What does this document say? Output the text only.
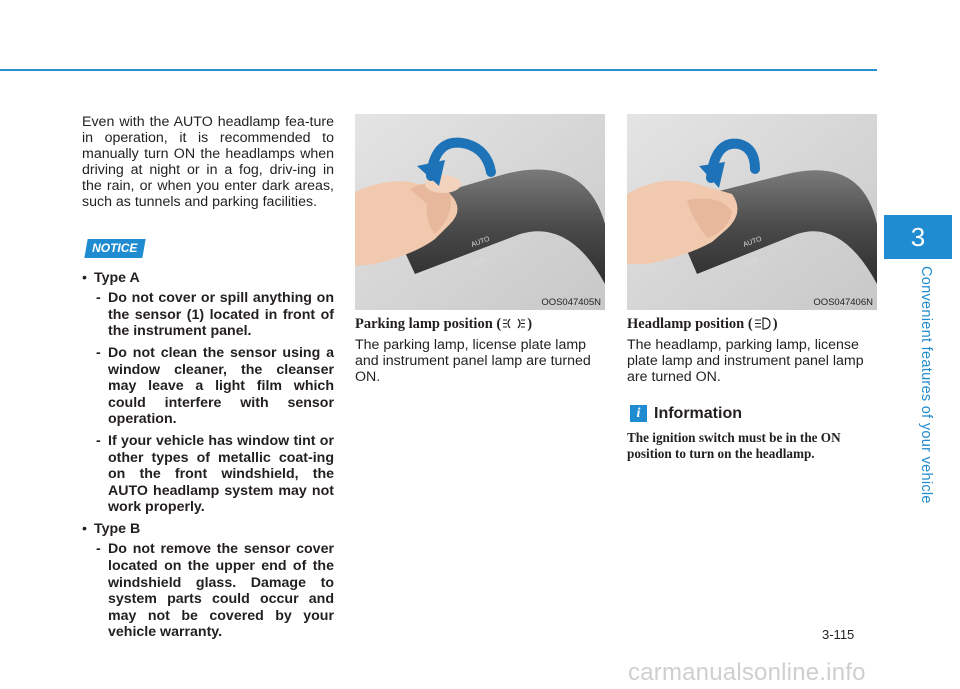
3
Convenient features of your vehicle

Even with the AUTO headlamp fea-ture in operation, it is recommended to manually turn ON the headlamps when driving at night or in a fog, driv-ing in the rain, or when you enter dark areas, such as tunnels and parking facilities.

NOTICE
• Type A
- Do not cover or spill anything on the sensor (1) located in front of the instrument panel.
- Do not clean the sensor using a window cleaner, the cleanser may leave a light film which could interfere with sensor operation.
- If your vehicle has window tint or other types of metallic coat-ing on the front windshield, the AUTO headlamp system may not work properly.
• Type B
- Do not remove the sensor cover located on the upper end of the windshield glass. Damage to system parts could occur and may not be covered by your vehicle warranty.
AUTO
OFF
OOS047405N
AUTO
OFF
OOS047406N
Parking lamp position ( )
The parking lamp, license plate lamp and instrument panel lamp are turned ON.
Headlamp position ( )
The headlamp, parking lamp, license plate lamp and instrument panel lamp are turned ON.
i Information
The ignition switch must be in the ON position to turn on the headlamp.
3-115
carmanualsonline.info
